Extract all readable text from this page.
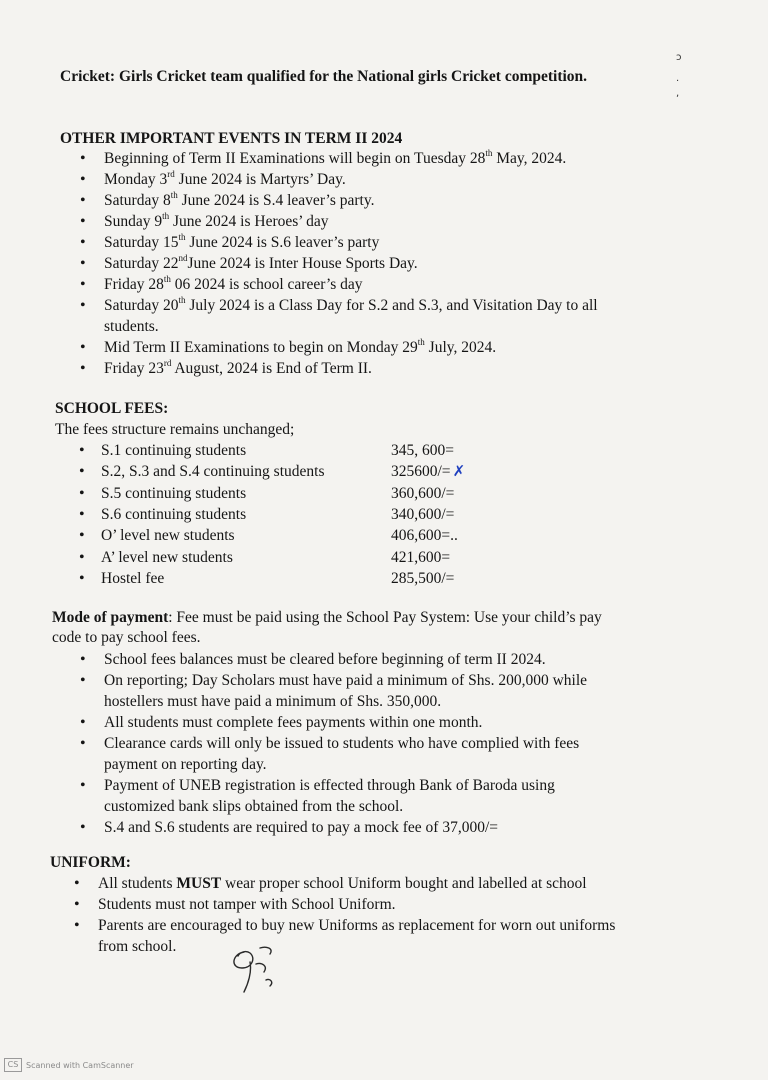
ɔ

·
,
Cricket: Girls Cricket team qualified for the National girls Cricket competition.
OTHER IMPORTANT EVENTS IN TERM II 2024
• Beginning of Term II Examinations will begin on Tuesday 28th May, 2024.
• Monday 3rd June 2024 is Martyrs’ Day.
• Saturday 8th June 2024 is S.4 leaver’s party.
• Sunday 9th June 2024 is Heroes’ day
• Saturday 15th June 2024 is S.6 leaver’s party
• Saturday 22ndJune 2024 is Inter House Sports Day.
• Friday 28th 06 2024 is school career’s day
• Saturday 20th July 2024 is a Class Day for S.2 and S.3, and Visitation Day to all
students.
• Mid Term II Examinations to begin on Monday 29th July, 2024.
• Friday 23rd August, 2024 is End of Term II.
SCHOOL FEES:
The fees structure remains unchanged;
• S.1 continuing students	345, 600=
• S.2, S.3 and S.4 continuing students	325600/= ✗
• S.5 continuing students	360,600/=
• S.6 continuing students	340,600/=
• O’ level new students	406,600=..
• A’ level new students	421,600=
• Hostel fee	285,500/=
Mode of payment: Fee must be paid using the School Pay System: Use your child’s pay
code to pay school fees.
• School fees balances must be cleared before beginning of term II 2024.
• On reporting; Day Scholars must have paid a minimum of Shs. 200,000 while
hostellers must have paid a minimum of Shs. 350,000.
• All students must complete fees payments within one month.
• Clearance cards will only be issued to students who have complied with fees
payment on reporting day.
• Payment of UNEB registration is effected through Bank of Baroda using
customized bank slips obtained from the school.
• S.4 and S.6 students are required to pay a mock fee of 37,000/=
UNIFORM:
• All students MUST wear proper school Uniform bought and labelled at school
• Students must not tamper with School Uniform.
• Parents are encouraged to buy new Uniforms as replacement for worn out uniforms
from school.
CS Scanned with CamScanner
